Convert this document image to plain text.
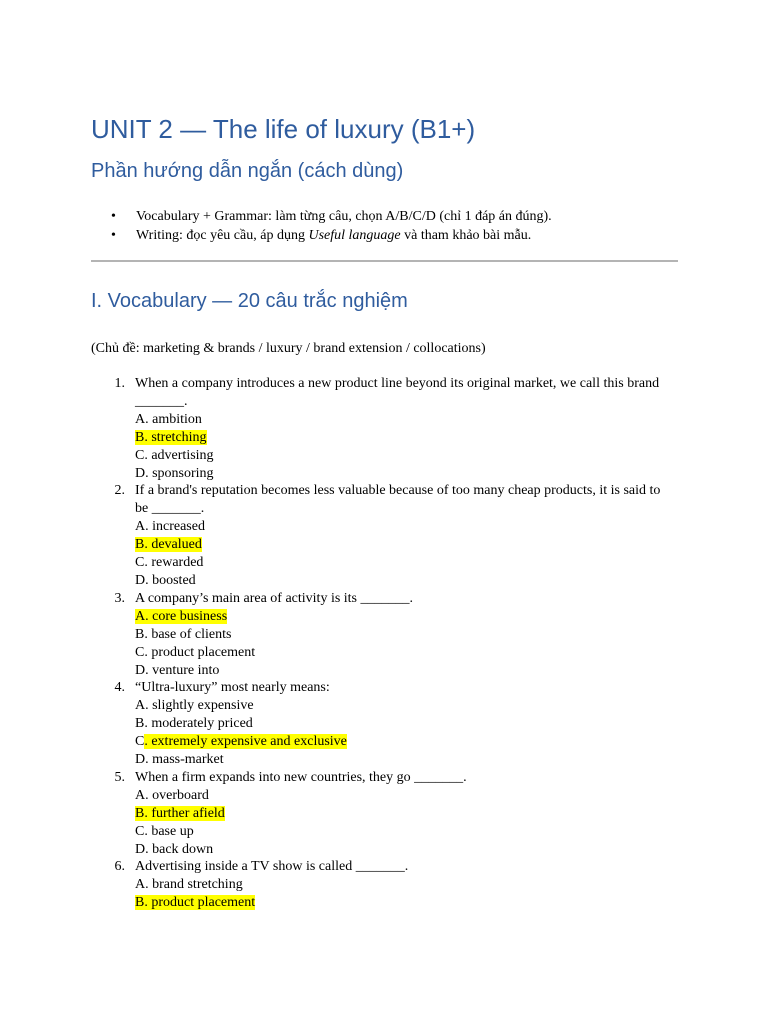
UNIT 2 — The life of luxury (B1+)
Phần hướng dẫn ngắn (cách dùng)
• Vocabulary + Grammar: làm từng câu, chọn A/B/C/D (chỉ 1 đáp án đúng).
• Writing: đọc yêu cầu, áp dụng Useful language và tham khảo bài mẫu.
I. Vocabulary — 20 câu trắc nghiệm

(Chủ đề: marketing & brands / luxury / brand extension / collocations)

1. When a company introduces a new product line beyond its original market, we call this brand _______.
A. ambition
B. stretching
C. advertising
D. sponsoring
2. If a brand's reputation becomes less valuable because of too many cheap products, it is said to be _______.
A. increased
B. devalued
C. rewarded
D. boosted
3. A company’s main area of activity is its _______.
A. core business
B. base of clients
C. product placement
D. venture into
4. “Ultra-luxury” most nearly means:
A. slightly expensive
B. moderately priced
C. extremely expensive and exclusive
D. mass-market
5. When a firm expands into new countries, they go _______.
A. overboard
B. further afield
C. base up
D. back down
6. Advertising inside a TV show is called _______.
A. brand stretching
B. product placement
